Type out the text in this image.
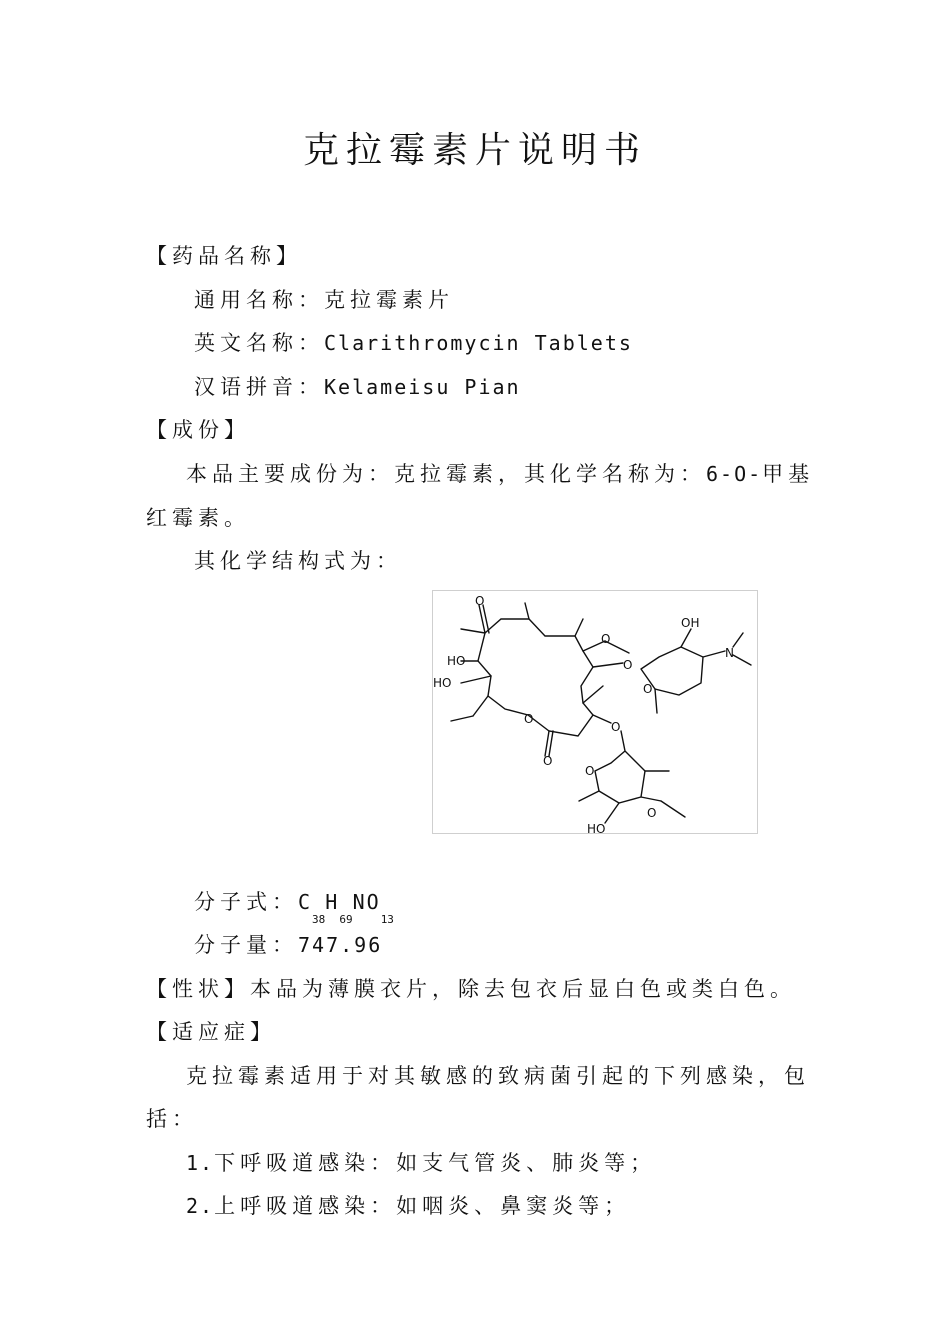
克拉霉素片说明书
【药品名称】
通用名称：克拉霉素片
英文名称：Clarithromycin Tablets
汉语拼音：Kelameisu Pian
【成份】
本品主要成份为：克拉霉素，其化学名称为：6-O-甲基
红霉素。
其化学结构式为：
O
HO
HO
O
O
O
OH
N
O
O
O
O
HO
O
分子式：$C_{38}H_{69}NO_{13}$
分子量：747.96
【性状】本品为薄膜衣片，除去包衣后显白色或类白色。
【适应症】
克拉霉素适用于对其敏感的致病菌引起的下列感染，包
括：
1.下呼吸道感染：如支气管炎、肺炎等；
2.上呼吸道感染：如咽炎、鼻窦炎等；
